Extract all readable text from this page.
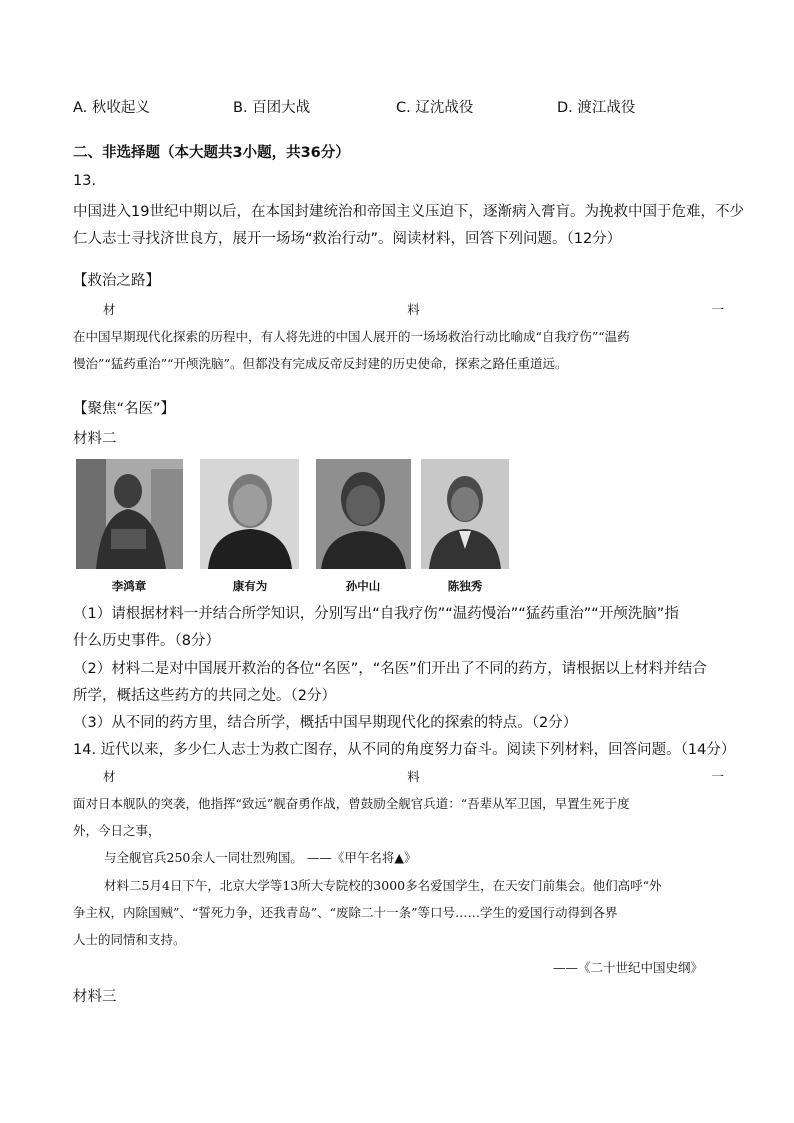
A. 秋收起义	B. 百团大战	C. 辽沈战役	D. 渡江战役
二、非选择题（本大题共3小题，共36分）
13.
中国进入19世纪中期以后，在本国封建统治和帝国主义压迫下，逐渐病入膏肓。为挽救中国于危难，不少
仁人志士寻找济世良方，展开一场场“救治行动”。阅读材料，回答下列问题。（12分）
【救治之路】
材	料	一
在中国早期现代化探索的历程中，有人将先进的中国人展开的一场场救治行动比喻成“自我疗伤”“温药
慢治”“猛药重治”“开颅洗脑”。但都没有完成反帝反封建的历史使命，探索之路任重道远。
【聚焦“名医”】
材料二
李鸿章	康有为	孙中山	陈独秀
（1）请根据材料一并结合所学知识，分别写出“自我疗伤”“温药慢治”“猛药重治”“开颅洗脑”指
什么历史事件。（8分）
（2）材料二是对中国展开救治的各位“名医”，“名医”们开出了不同的药方，请根据以上材料并结合
所学，概括这些药方的共同之处。（2分）
（3）从不同的药方里，结合所学，概括中国早期现代化的探索的特点。（2分）
14. 近代以来，多少仁人志士为救亡图存，从不同的角度努力奋斗。阅读下列材料，回答问题。（14分）
材	料	一
面对日本舰队的突袭，他指挥“致远”舰奋勇作战，曾鼓励全舰官兵道：“吾辈从军卫国，早置生死于度
外，今日之事，
与全舰官兵250余人一同壮烈殉国。 ——《甲午名将▲》
材料二5月4日下午，北京大学等13所大专院校的3000多名爱国学生，在天安门前集会。他们高呼“外
争主权，内除国贼”、“誓死力争，还我青岛”、“废除二十一条”等口号……学生的爱国行动得到各界
人士的同情和支持。
——《二十世纪中国史纲》
材料三
